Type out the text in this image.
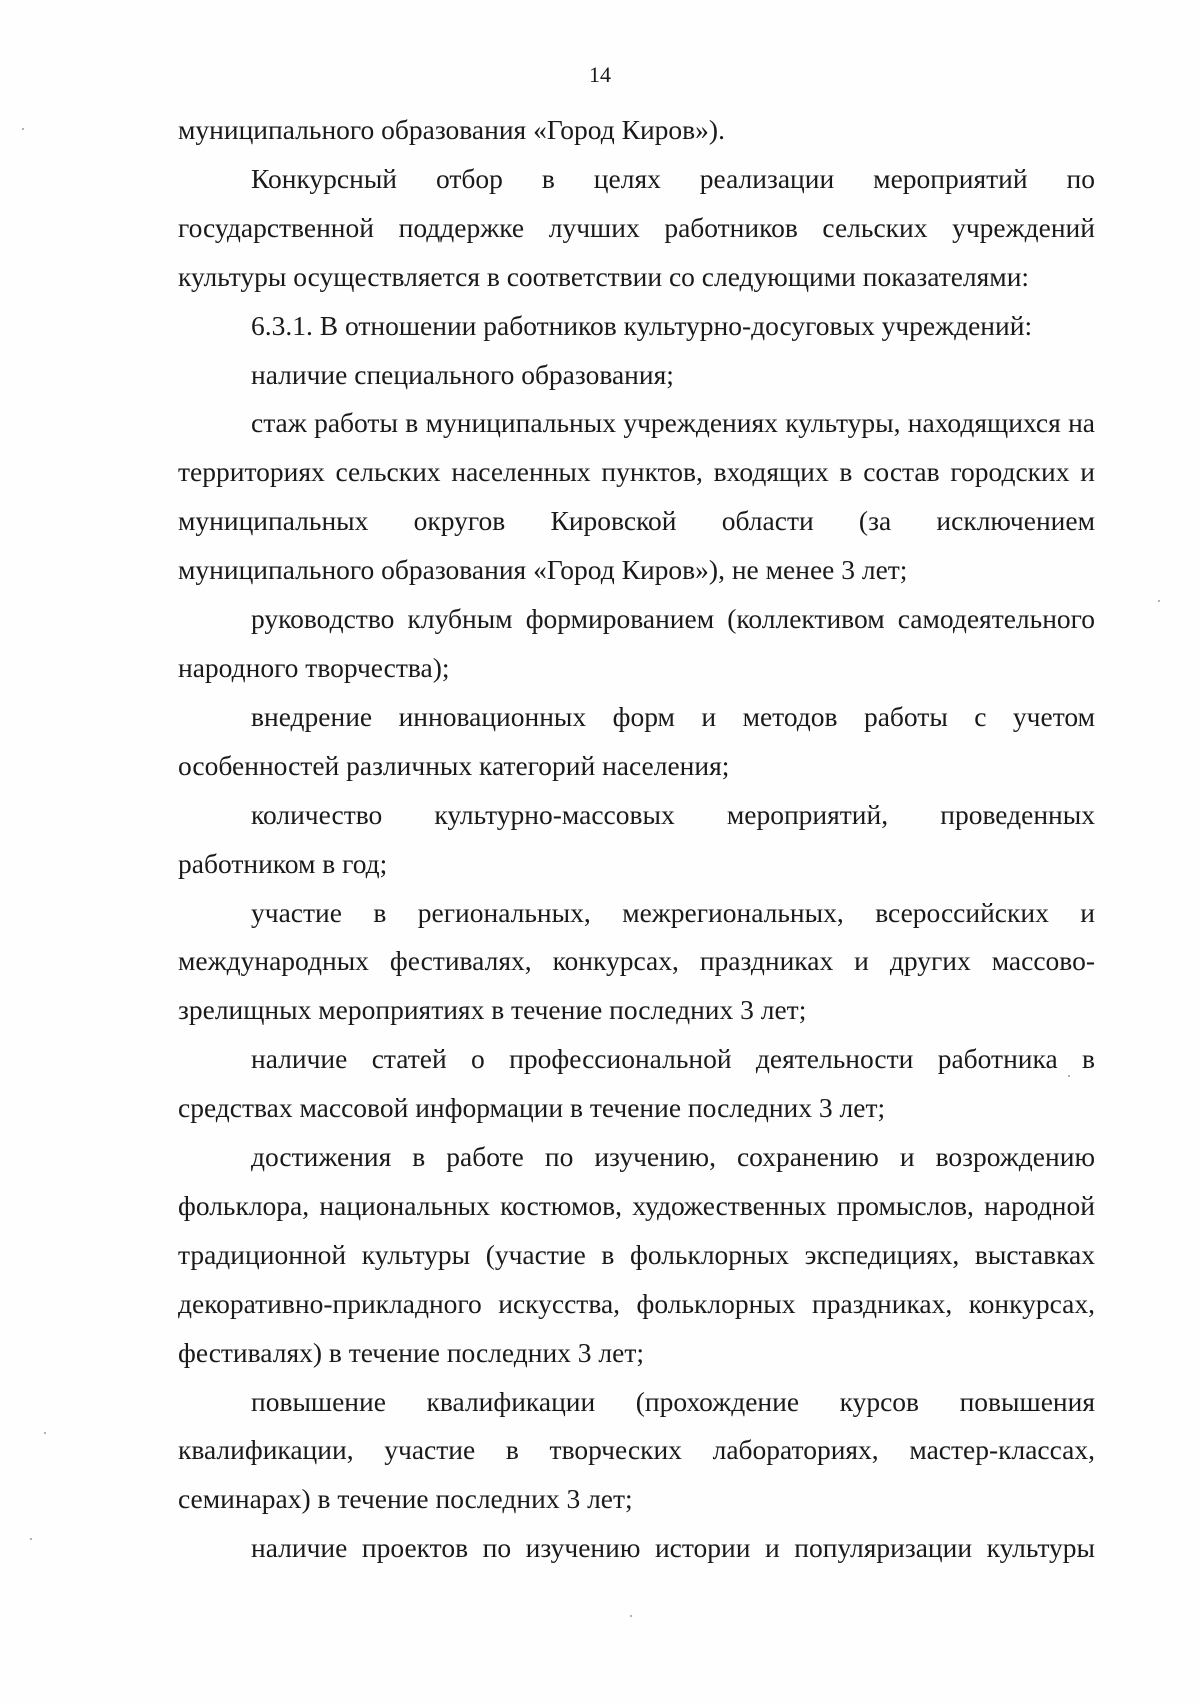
14

муниципального образования «Город Киров»).

Конкурсный отбор в целях реализации мероприятий по государственной поддержке лучших работников сельских учреждений культуры осуществляется в соответствии со следующими показателями:

6.3.1. В отношении работников культурно-досуговых учреждений:

наличие специального образования;

стаж работы в муниципальных учреждениях культуры, находящихся на территориях сельских населенных пунктов, входящих в состав городских и муниципальных округов Кировской области (за исключением муниципального образования «Город Киров»), не менее 3 лет;

руководство клубным формированием (коллективом самодеятельного народного творчества);

внедрение инновационных форм и методов работы с учетом особенностей различных категорий населения;

количество культурно-массовых мероприятий, проведенных работником в год;

участие в региональных, межрегиональных, всероссийских и международных фестивалях, конкурсах, праздниках и других массово-зрелищных мероприятиях в течение последних 3 лет;

наличие статей о профессиональной деятельности работника в средствах массовой информации в течение последних 3 лет;

достижения в работе по изучению, сохранению и возрождению фольклора, национальных костюмов, художественных промыслов, народной традиционной культуры (участие в фольклорных экспедициях, выставках декоративно-прикладного искусства, фольклорных праздниках, конкурсах, фестивалях) в течение последних 3 лет;

повышение квалификации (прохождение курсов повышения квалификации, участие в творческих лабораториях, мастер-классах, семинарах) в течение последних 3 лет;

наличие проектов по изучению истории и популяризации культуры
